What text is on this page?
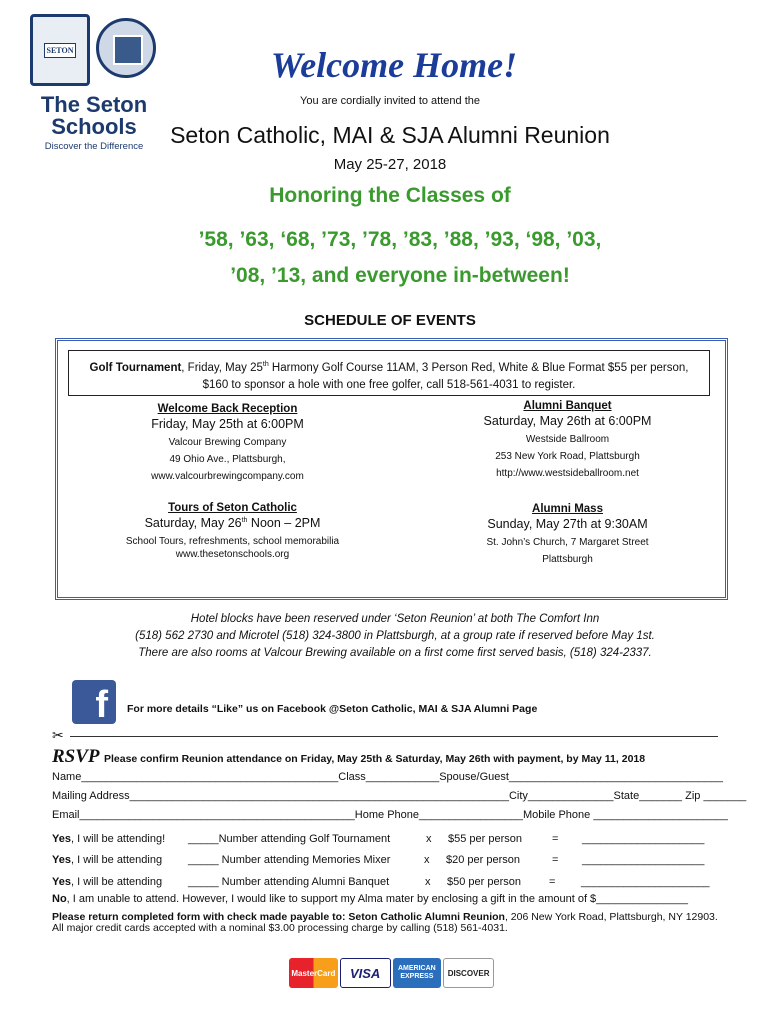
SETON
The Seton
Schools
Discover the Difference
Welcome Home!
You are cordially invited to attend the
Seton Catholic, MAI & SJA Alumni Reunion
May 25-27, 2018
Honoring the Classes of
’58, ’63, ‘68, ’73, ’78, ’83, ’88, ’93, ‘98, ’03,
’08, ’13, and everyone in-between!
SCHEDULE OF EVENTS
Golf Tournament, Friday, May 25th Harmony Golf Course 11AM, 3 Person Red, White & Blue Format $55 per person, $160 to sponsor a hole with one free golfer, call 518-561-4031 to register.
Welcome Back Reception
Friday, May 25th at 6:00PM
Valcour Brewing Company
49 Ohio Ave., Plattsburgh,
www.valcourbrewingcompany.com
Alumni Banquet
Saturday, May 26th at 6:00PM
Westside Ballroom
253 New York Road, Plattsburgh
http://www.westsideballroom.net
Tours of Seton Catholic
Saturday, May 26th Noon – 2PM
School Tours, refreshments, school memorabilia
www.thesetonschools.org
Alumni Mass
Sunday, May 27th at 9:30AM
St. John’s Church, 7 Margaret Street
Plattsburgh
Hotel blocks have been reserved under ‘Seton Reunion’ at both The Comfort Inn
(518) 562 2730 and Microtel (518) 324-3800 in Plattsburgh, at a group rate if reserved before May 1st.
There are also rooms at Valcour Brewing available on a first come first served basis, (518) 324-2337.
f	For more details “Like” us on Facebook @Seton Catholic, MAI & SJA Alumni Page
✂
RSVP Please confirm Reunion attendance on Friday, May 25th & Saturday, May 26th with payment, by May 11, 2018
Name__________________________________________Class____________Spouse/Guest___________________________________
Mailing Address______________________________________________________________City______________State_______ Zip _______
Email_____________________________________________Home Phone_________________Mobile Phone ______________________
Yes, I will be attending! _____Number attending Golf Tournament	x $55 per person	= ____________________
Yes, I will be attending _____ Number attending Memories Mixer	x $20 per person	= ____________________
Yes, I will be attending _____ Number attending Alumni Banquet	x $50 per person	= _____________________
No, I am unable to attend. However, I would like to support my Alma mater by enclosing a gift in the amount of $_______________
Please return completed form with check made payable to: Seton Catholic Alumni Reunion, 206 New York Road, Plattsburgh, NY 12903. All major credit cards accepted with a nominal $3.00 processing charge by calling (518) 561-4031.
MasterCard	VISA	AMERICAN EXPRESS	DISCOVER
